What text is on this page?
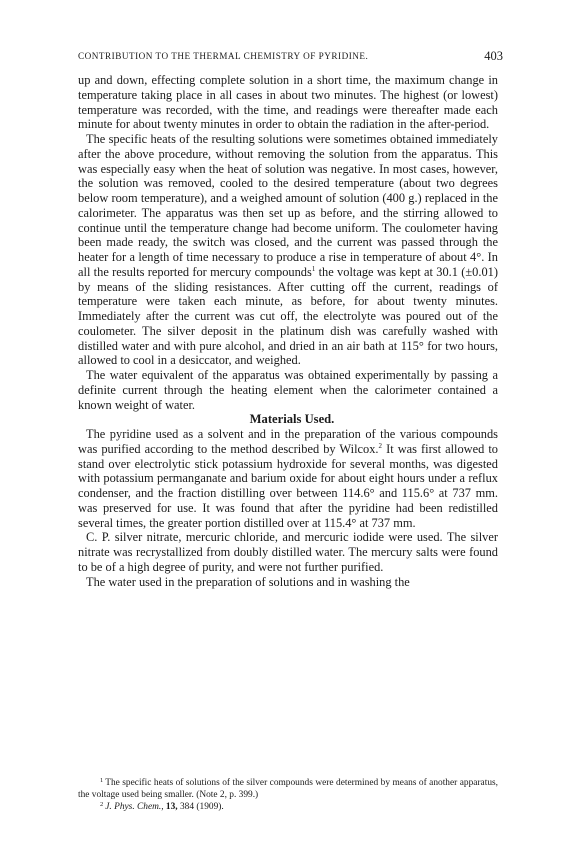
CONTRIBUTION TO THE THERMAL CHEMISTRY OF PYRIDINE.	403

up and down, effecting complete solution in a short time, the maximum change in temperature taking place in all cases in about two minutes. The highest (or lowest) temperature was recorded, with the time, and readings were thereafter made each minute for about twenty minutes in order to obtain the radiation in the after-period.

The specific heats of the resulting solutions were sometimes obtained immediately after the above procedure, without removing the solution from the apparatus. This was especially easy when the heat of solution was negative. In most cases, however, the solution was removed, cooled to the desired temperature (about two degrees below room temperature), and a weighed amount of solution (400 g.) replaced in the calorimeter. The apparatus was then set up as before, and the stirring allowed to continue until the temperature change had become uniform. The coulometer having been made ready, the switch was closed, and the current was passed through the heater for a length of time necessary to produce a rise in temperature of about 4°. In all the results reported for mercury compounds$^1$ the voltage was kept at 30.1 (±0.01) by means of the sliding resistances. After cutting off the current, readings of temperature were taken each minute, as before, for about twenty minutes. Immediately after the current was cut off, the electrolyte was poured out of the coulometer. The silver deposit in the platinum dish was carefully washed with distilled water and with pure alcohol, and dried in an air bath at 115° for two hours, allowed to cool in a desiccator, and weighed.

The water equivalent of the apparatus was obtained experimentally by passing a definite current through the heating element when the calorimeter contained a known weight of water.

Materials Used.

The pyridine used as a solvent and in the preparation of the various compounds was purified according to the method described by Wilcox.$^2$ It was first allowed to stand over electrolytic stick potassium hydroxide for several months, was digested with potassium permanganate and barium oxide for about eight hours under a reflux condenser, and the fraction distilling over between 114.6° and 115.6° at 737 mm. was preserved for use. It was found that after the pyridine had been redistilled several times, the greater portion distilled over at 115.4° at 737 mm.

C. P. silver nitrate, mercuric chloride, and mercuric iodide were used. The silver nitrate was recrystallized from doubly distilled water. The mercury salts were found to be of a high degree of purity, and were not further purified.

The water used in the preparation of solutions and in washing the

$^1$ The specific heats of solutions of the silver compounds were determined by means of another apparatus, the voltage used being smaller. (Note 2, p. 399.)

$^2$ J. Phys. Chem., 13, 384 (1909).
